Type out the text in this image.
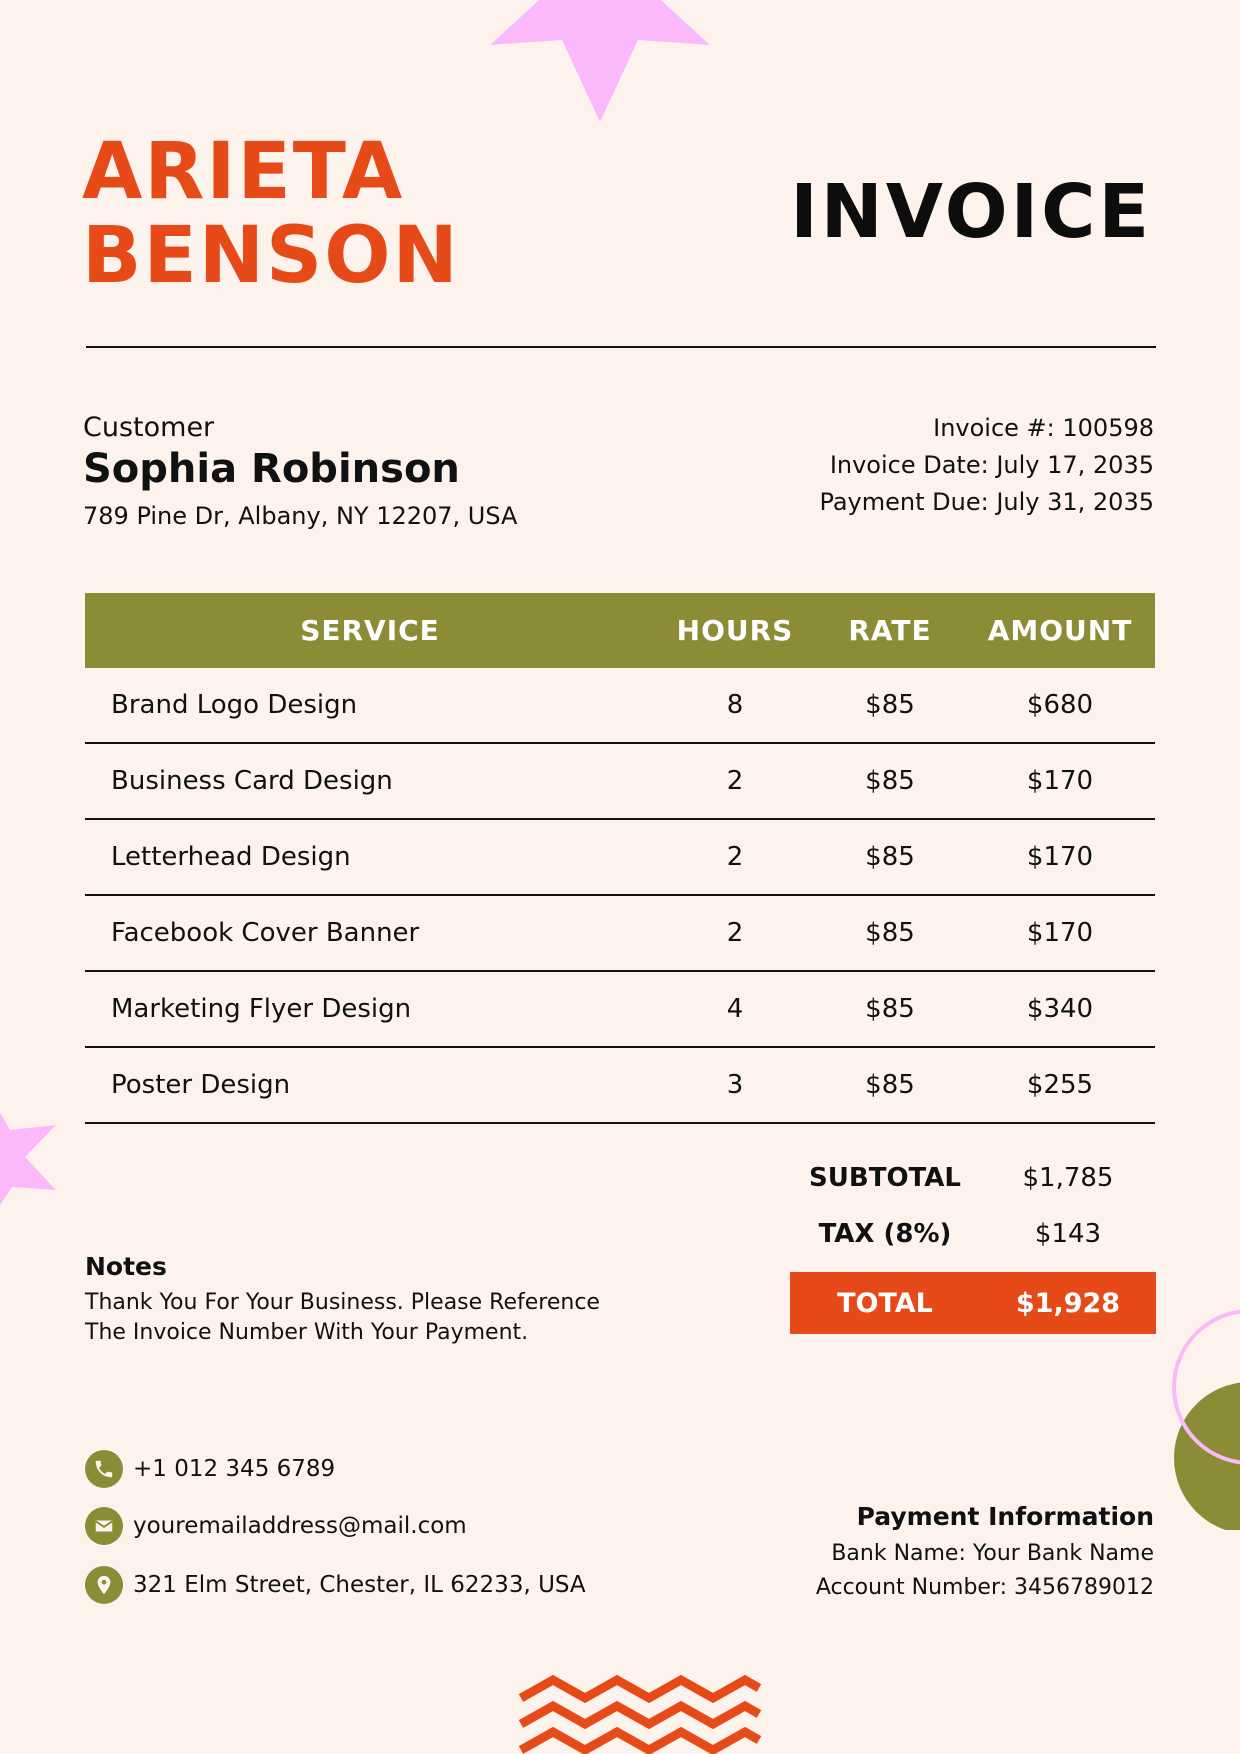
ARIETA
BENSON	INVOICE
Customer
Sophia Robinson
789 Pine Dr, Albany, NY 12207, USA
Invoice #: 100598
Invoice Date: July 17, 2035
Payment Due: July 31, 2035
SERVICE	HOURS	RATE	AMOUNT
Brand Logo Design	8	$85	$680
Business Card Design	2	$85	$170
Letterhead Design	2	$85	$170
Facebook Cover Banner	2	$85	$170
Marketing Flyer Design	4	$85	$340
Poster Design	3	$85	$255
SUBTOTAL	$1,785
TAX (8%)	$143
TOTAL	$1,928
Notes
Thank You For Your Business. Please Reference The Invoice Number With Your Payment.
+1 012 345 6789
youremailaddress@mail.com
321 Elm Street, Chester, IL 62233, USA
Payment Information
Bank Name: Your Bank Name
Account Number: 3456789012
